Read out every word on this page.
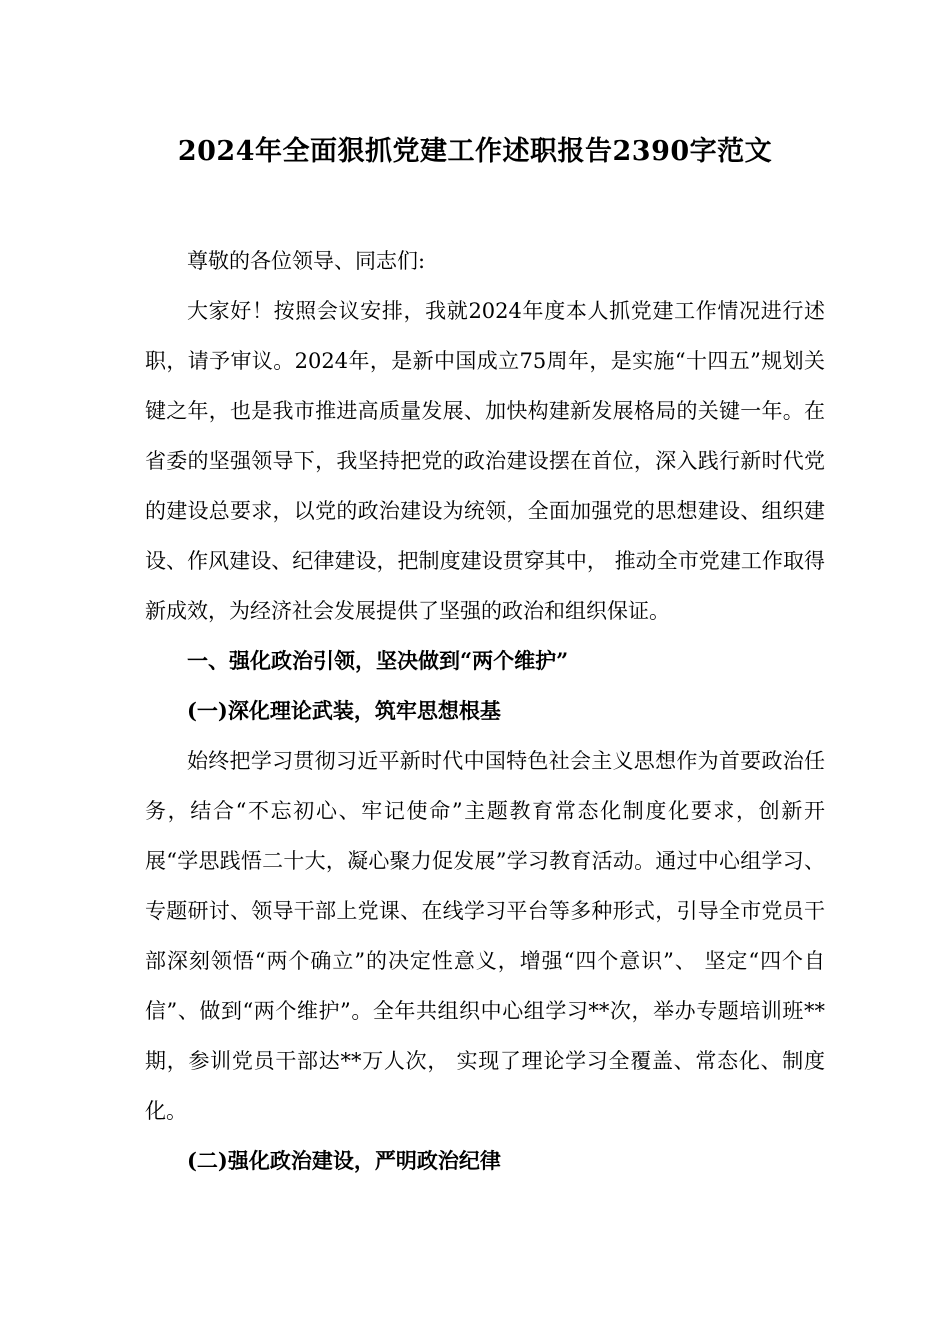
2024年全面狠抓党建工作述职报告2390字范文

尊敬的各位领导、同志们:

大家好！按照会议安排，我就2024年度本人抓党建工作情况进行述职，请予审议。2024年，是新中国成立75周年，是实施“十四五”规划关键之年，也是我市推进高质量发展、加快构建新发展格局的关键一年。在省委的坚强领导下，我坚持把党的政治建设摆在首位，深入践行新时代党的建设总要求，以党的政治建设为统领，全面加强党的思想建设、组织建设、作风建设、纪律建设，把制度建设贯穿其中， 推动全市党建工作取得新成效，为经济社会发展提供了坚强的政治和组织保证。

一、强化政治引领，坚决做到“两个维护”

(一)深化理论武装，筑牢思想根基

始终把学习贯彻习近平新时代中国特色社会主义思想作为首要政治任务，结合“不忘初心、牢记使命”主题教育常态化制度化要求，创新开展“学思践悟二十大，凝心聚力促发展”学习教育活动。通过中心组学习、专题研讨、领导干部上党课、在线学习平台等多种形式，引导全市党员干部深刻领悟“两个确立”的决定性意义，增强“四个意识”、 坚定“四个自信”、做到“两个维护”。全年共组织中心组学习**次，举办专题培训班**期，参训党员干部达**万人次， 实现了理论学习全覆盖、常态化、制度化。

(二)强化政治建设，严明政治纪律
